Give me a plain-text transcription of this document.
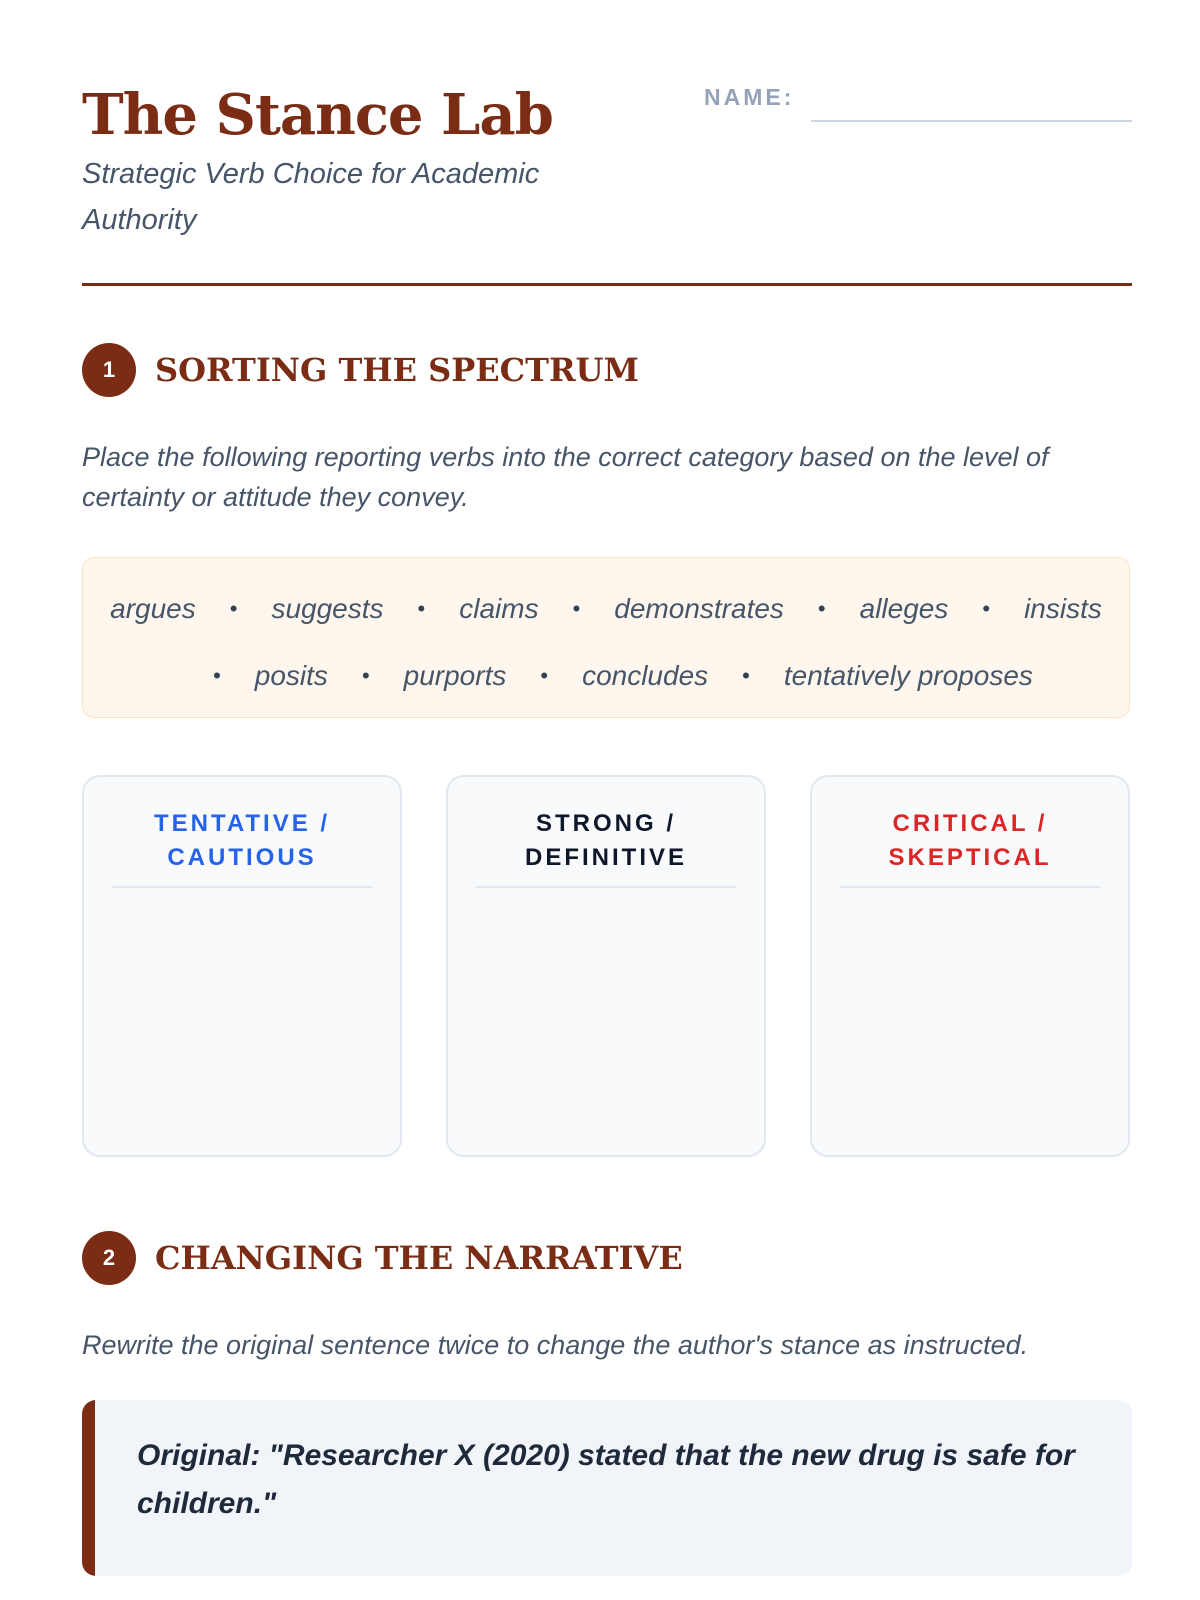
The Stance Lab

Strategic Verb Choice for Academic Authority

NAME:
1	SORTING THE SPECTRUM

Place the following reporting verbs into the correct category based on the level of certainty or attitude they convey.

argues • suggests • claims • demonstrates • alleges • insists
• posits • purports • concludes • tentatively proposes

TENTATIVE / CAUTIOUS

STRONG / DEFINITIVE

CRITICAL / SKEPTICAL

2	CHANGING THE NARRATIVE

Rewrite the original sentence twice to change the author's stance as instructed.

Original: "Researcher X (2020) stated that the new drug is safe for children."
